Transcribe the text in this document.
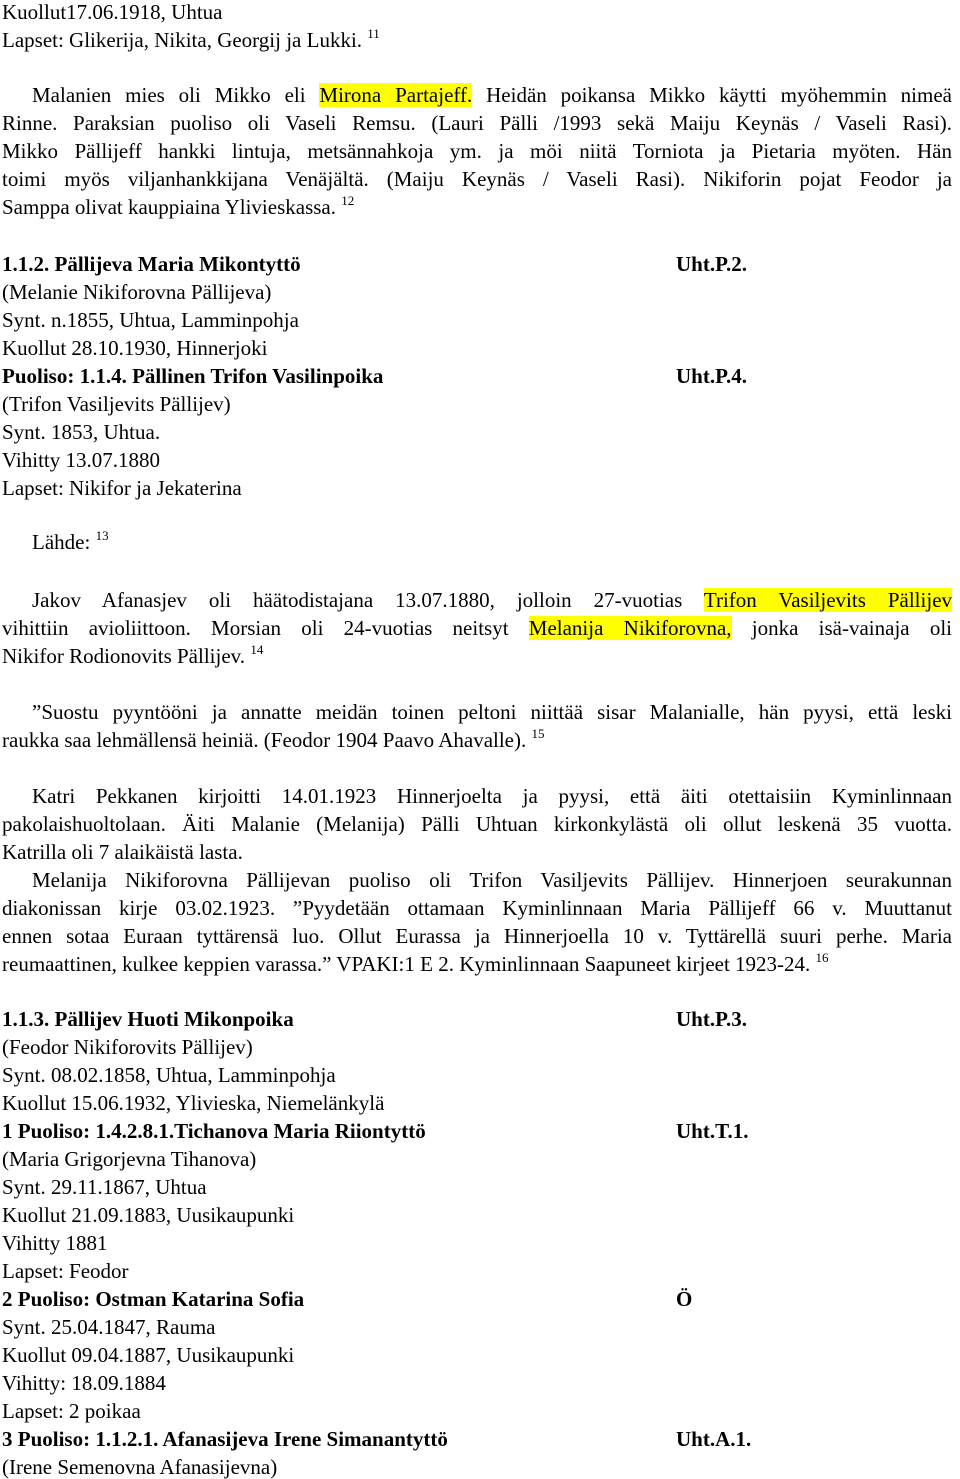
Kuollut17.06.1918, Uhtua
Lapset: Glikerija, Nikita, Georgij ja Lukki. $^{11}$
Malanien mies oli Mikko eli Mirona Partajeff. Heidän poikansa Mikko käytti myöhemmin nimeä
Rinne. Paraksian puoliso oli Vaseli Remsu. (Lauri Pälli /1993 sekä Maiju Keynäs / Vaseli Rasi).
Mikko Pällijeff hankki lintuja, metsännahkoja ym. ja möi niitä Torniota ja Pietaria myöten. Hän
toimi myös viljanhankkijana Venäjältä. (Maiju Keynäs / Vaseli Rasi). Nikiforin pojat Feodor ja
Samppa olivat kauppiaina Ylivieskassa. $^{12}$
1.1.2. Pällijeva Maria Mikontyttö	Uht.P.2.
(Melanie Nikiforovna Pällijeva)
Synt. n.1855, Uhtua, Lamminpohja
Kuollut 28.10.1930, Hinnerjoki
Puoliso: 1.1.4. Pällinen Trifon Vasilinpoika	Uht.P.4.
(Trifon Vasiljevits Pällijev)
Synt. 1853, Uhtua.
Vihitty 13.07.1880
Lapset: Nikifor ja Jekaterina
Lähde: $^{13}$
Jakov Afanasjev oli häätodistajana 13.07.1880, jolloin 27-vuotias Trifon Vasiljevits Pällijev
vihittiin avioliittoon. Morsian oli 24-vuotias neitsyt Melanija Nikiforovna, jonka isä-vainaja oli
Nikifor Rodionovits Pällijev. $^{14}$
”Suostu pyyntööni ja annatte meidän toinen peltoni niittää sisar Malanialle, hän pyysi, että leski
raukka saa lehmällensä heiniä. (Feodor 1904 Paavo Ahavalle). $^{15}$
Katri Pekkanen kirjoitti 14.01.1923 Hinnerjoelta ja pyysi, että äiti otettaisiin Kyminlinnaan
pakolaishuoltolaan. Äiti Malanie (Melanija) Pälli Uhtuan kirkonkylästä oli ollut leskenä 35 vuotta.
Katrilla oli 7 alaikäistä lasta.
Melanija Nikiforovna Pällijevan puoliso oli Trifon Vasiljevits Pällijev. Hinnerjoen seurakunnan
diakonissan kirje 03.02.1923. ”Pyydetään ottamaan Kyminlinnaan Maria Pällijeff 66 v. Muuttanut
ennen sotaa Euraan tyttärensä luo. Ollut Eurassa ja Hinnerjoella 10 v. Tyttärellä suuri perhe. Maria
reumaattinen, kulkee keppien varassa.” VPAKI:1 E 2. Kyminlinnaan Saapuneet kirjeet 1923-24. $^{16}$
1.1.3. Pällijev Huoti Mikonpoika	Uht.P.3.
(Feodor Nikiforovits Pällijev)
Synt. 08.02.1858, Uhtua, Lamminpohja
Kuollut 15.06.1932, Ylivieska, Niemelänkylä
1 Puoliso: 1.4.2.8.1.Tichanova Maria Riiontyttö	Uht.T.1.
(Maria Grigorjevna Tihanova)
Synt. 29.11.1867, Uhtua
Kuollut 21.09.1883, Uusikaupunki
Vihitty 1881
Lapset: Feodor
2 Puoliso: Ostman Katarina Sofia	Ö
Synt. 25.04.1847, Rauma
Kuollut 09.04.1887, Uusikaupunki
Vihitty: 18.09.1884
Lapset: 2 poikaa
3 Puoliso: 1.1.2.1. Afanasijeva Irene Simanantyttö	Uht.A.1.
(Irene Semenovna Afanasijevna)
